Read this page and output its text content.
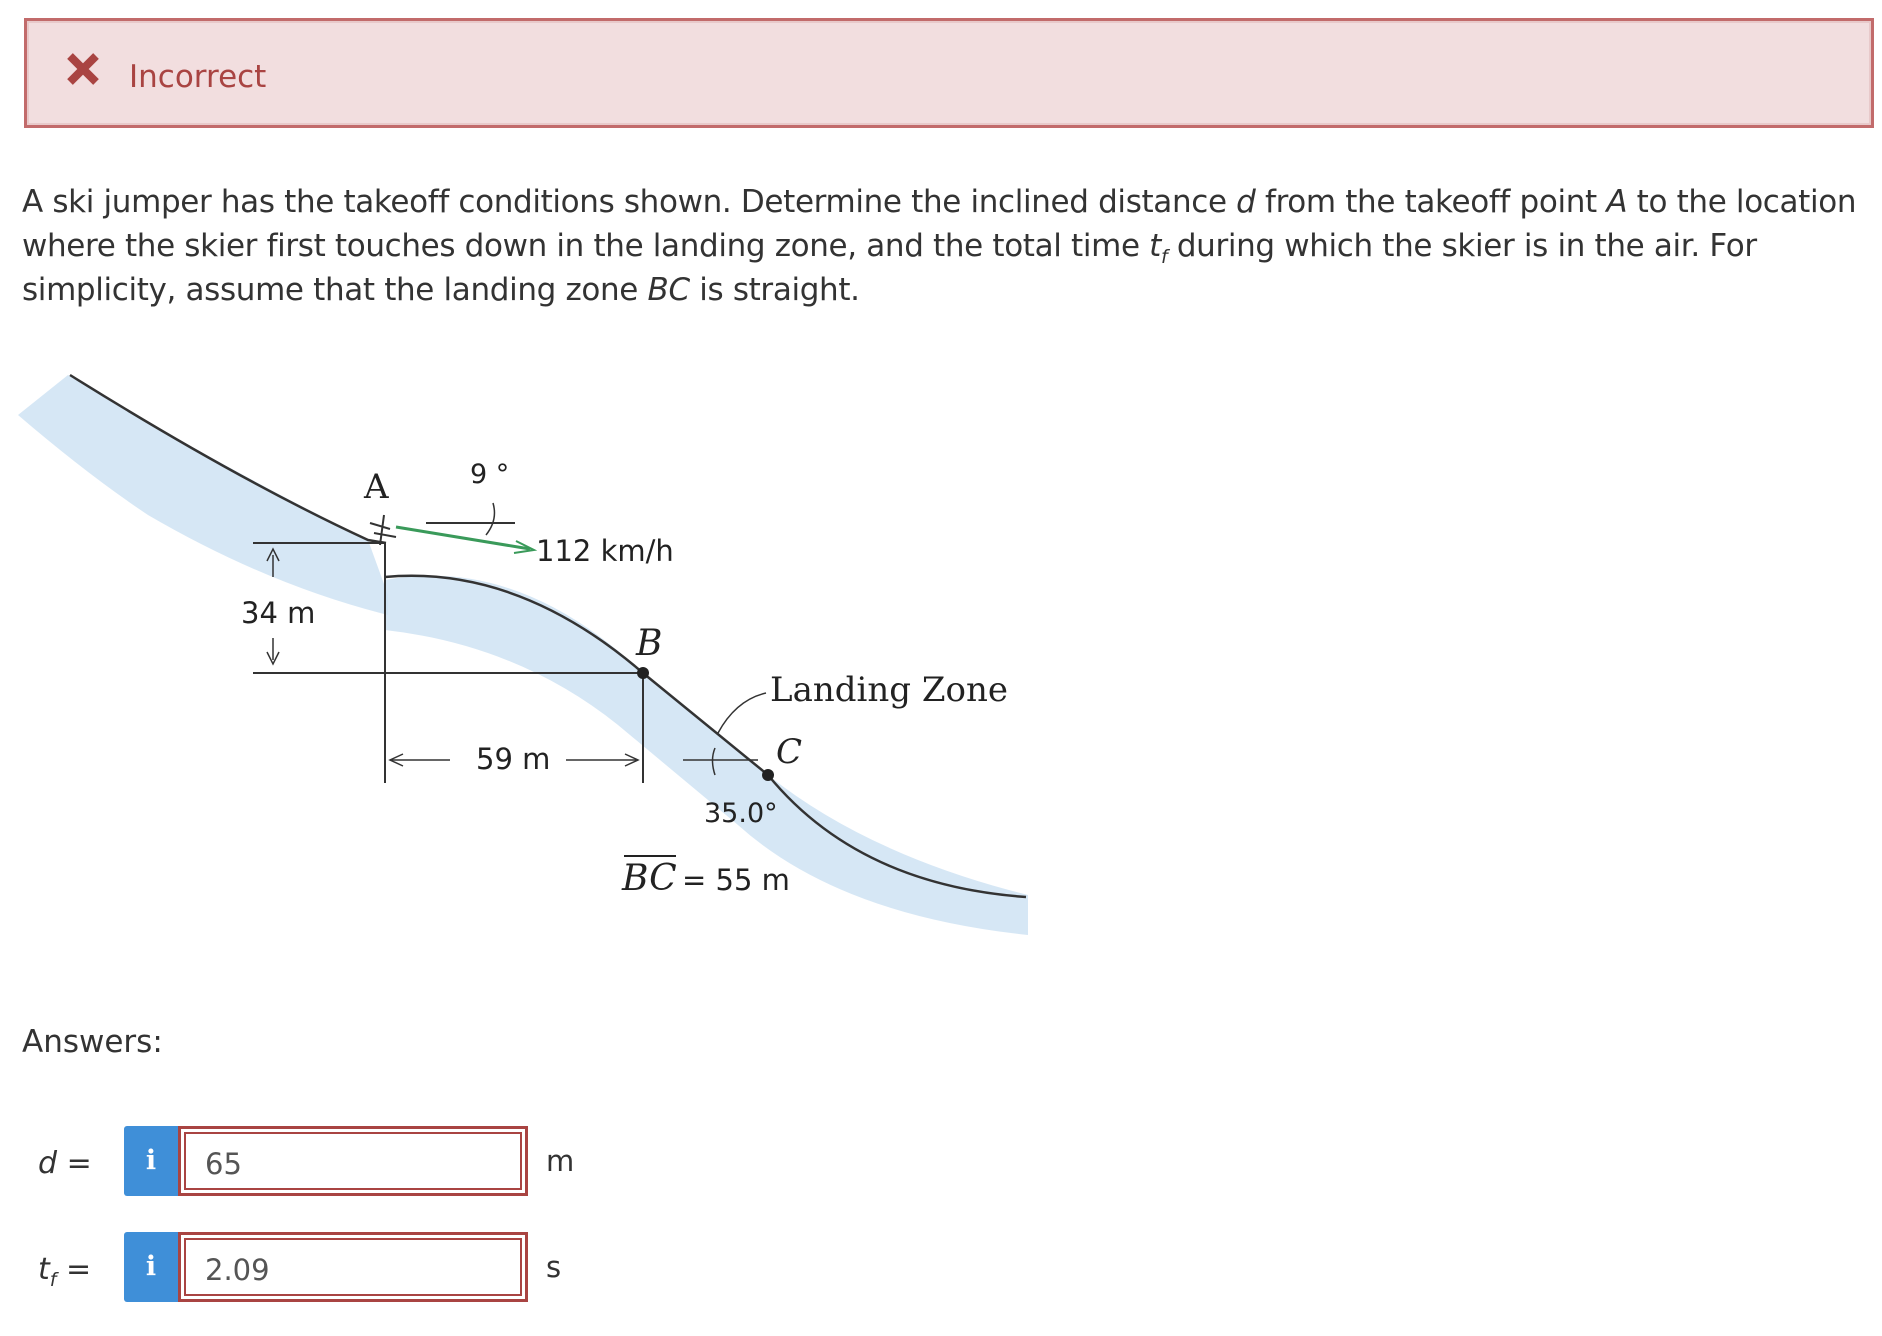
Incorrect
A ski jumper has the takeoff conditions shown. Determine the inclined distance d from the takeoff point A to the location where the skier first touches down in the landing zone, and the total time $t_f$ during which the skier is in the air. For simplicity, assume that the landing zone BC is straight.
34 m
59 m
9 °
112 km/h
A
B
Landing Zone
C
35.0°
BC = 55 m
Answers:
d =	i	65	m
$t_f$ =	i	2.09	s
